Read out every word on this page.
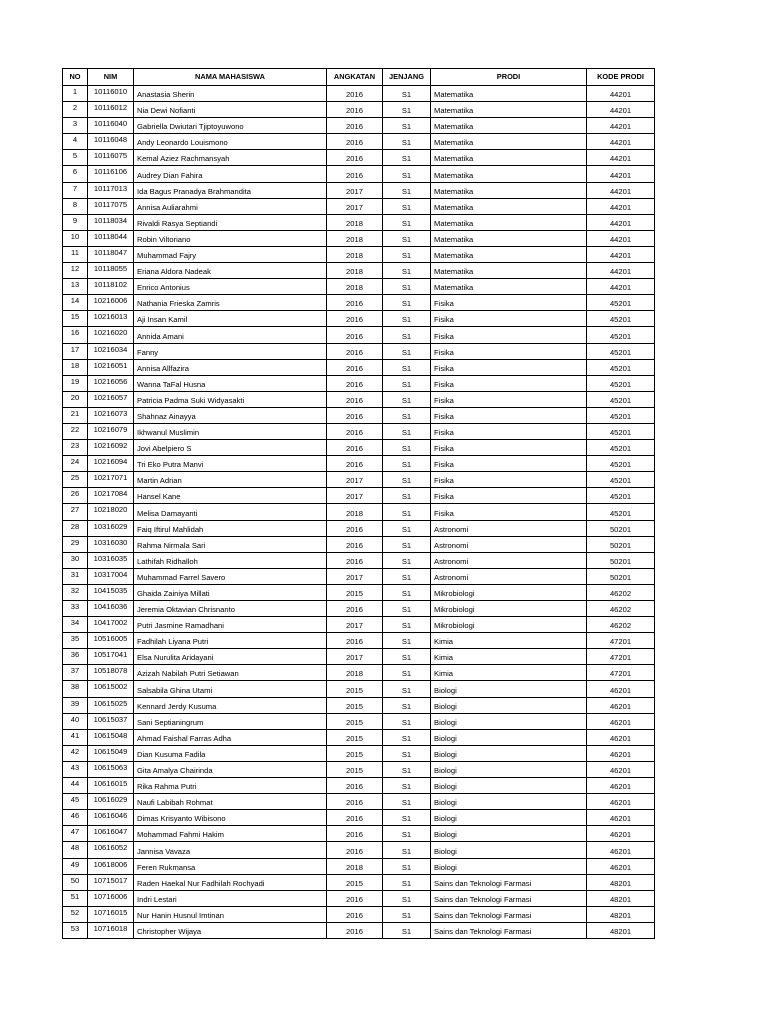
NO	NIM	NAMA MAHASISWA	ANGKATAN	JENJANG	PRODI	KODE PRODI
1	10116010	Anastasia Sherin	2016	S1	Matematika	44201
2	10116012	Nia Dewi Nofianti	2016	S1	Matematika	44201
3	10116040	Gabriella Dwiutari Tjiptoyuwono	2016	S1	Matematika	44201
4	10116048	Andy Leonardo Louismono	2016	S1	Matematika	44201
5	10116075	Kemal Aziez Rachmansyah	2016	S1	Matematika	44201
6	10116106	Audrey Dian Fahira	2016	S1	Matematika	44201
7	10117013	Ida Bagus Pranadya Brahmandita	2017	S1	Matematika	44201
8	10117075	Annisa Auliarahmi	2017	S1	Matematika	44201
9	10118034	Rivaldi Rasya Septiandi	2018	S1	Matematika	44201
10	10118044	Robin Viltoriano	2018	S1	Matematika	44201
11	10118047	Muhammad Fajry	2018	S1	Matematika	44201
12	10118055	Eriana Aldora Nadeak	2018	S1	Matematika	44201
13	10118102	Enrico Antonius	2018	S1	Matematika	44201
14	10216006	Nathania Frieska Zamris	2016	S1	Fisika	45201
15	10216013	Aji Insan Kamil	2016	S1	Fisika	45201
16	10216020	Annida Amani	2016	S1	Fisika	45201
17	10216034	Fanny	2016	S1	Fisika	45201
18	10216051	Annisa Allfazira	2016	S1	Fisika	45201
19	10216056	Wanna TaFal Husna	2016	S1	Fisika	45201
20	10216057	Patricia Padma Suki Widyasakti	2016	S1	Fisika	45201
21	10216073	Shahnaz Ainayya	2016	S1	Fisika	45201
22	10216079	Ikhwanul Muslimin	2016	S1	Fisika	45201
23	10216092	Jovi Abelpiero S	2016	S1	Fisika	45201
24	10216094	Tri Eko Putra Manvi	2016	S1	Fisika	45201
25	10217071	Martin Adrian	2017	S1	Fisika	45201
26	10217084	Hansel Kane	2017	S1	Fisika	45201
27	10218020	Melisa Damayanti	2018	S1	Fisika	45201
28	10316029	Faiq Iftirul Mahlidah	2016	S1	Astronomi	50201
29	10316030	Rahma Nirmala Sari	2016	S1	Astronomi	50201
30	10316035	Lathifah Ridhalloh	2016	S1	Astronomi	50201
31	10317004	Muhammad Farrel Savero	2017	S1	Astronomi	50201
32	10415035	Ghaida Zainiya Millati	2015	S1	Mikrobiologi	46202
33	10416036	Jeremia Oktavian Chrisnanto	2016	S1	Mikrobiologi	46202
34	10417002	Putri Jasmine Ramadhani	2017	S1	Mikrobiologi	46202
35	10516005	Fadhilah Liyana Putri	2016	S1	Kimia	47201
36	10517041	Elsa Nurulita Aridayani	2017	S1	Kimia	47201
37	10518078	Azizah Nabilah Putri Setiawan	2018	S1	Kimia	47201
38	10615002	Salsabila Ghina Utami	2015	S1	Biologi	46201
39	10615025	Kennard Jerdy Kusuma	2015	S1	Biologi	46201
40	10615037	Sani Septianingrum	2015	S1	Biologi	46201
41	10615048	Ahmad Faishal Farras Adha	2015	S1	Biologi	46201
42	10615049	Dian Kusuma Fadila	2015	S1	Biologi	46201
43	10615063	Gita Amalya Chairinda	2015	S1	Biologi	46201
44	10616015	Rika Rahma Putri	2016	S1	Biologi	46201
45	10616029	Naufi Labibah Rohmat	2016	S1	Biologi	46201
46	10616046	Dimas Krisyanto Wibisono	2016	S1	Biologi	46201
47	10616047	Mohammad Fahmi Hakim	2016	S1	Biologi	46201
48	10616052	Jannisa Vavaza	2016	S1	Biologi	46201
49	10618006	Feren Rukmansa	2018	S1	Biologi	46201
50	10715017	Raden Haekal Nur Fadhilah Rochyadi	2015	S1	Sains dan Teknologi Farmasi	48201
51	10716006	Indri Lestari	2016	S1	Sains dan Teknologi Farmasi	48201
52	10716015	Nur Hanin Husnul Imtinan	2016	S1	Sains dan Teknologi Farmasi	48201
53	10716018	Christopher Wijaya	2016	S1	Sains dan Teknologi Farmasi	48201
